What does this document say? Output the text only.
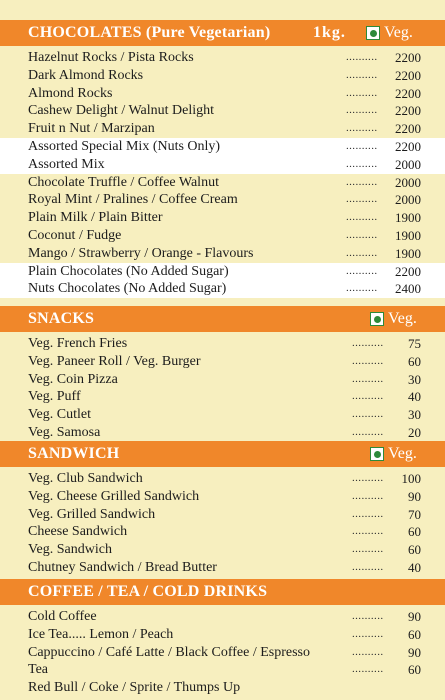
CHOCOLATES (Pure Vegetarian)	1kg. Veg.
Hazelnut Rocks / Pista Rocks	.......... 2200
Dark Almond Rocks	.......... 2200
Almond Rocks	.......... 2200
Cashew Delight / Walnut Delight	.......... 2200
Fruit n Nut / Marzipan	.......... 2200
Assorted Special Mix (Nuts Only)	.......... 2200
Assorted Mix	.......... 2000
Chocolate Truffle / Coffee Walnut	.......... 2000
Royal Mint / Pralines / Coffee Cream	.......... 2000
Plain Milk / Plain Bitter	.......... 1900
Coconut / Fudge	.......... 1900
Mango / Strawberry / Orange - Flavours	.......... 1900
Plain Chocolates (No Added Sugar)	.......... 2200
Nuts Chocolates (No Added Sugar)	.......... 2400
SNACKS	Veg.
Veg. French Fries	.......... 75
Veg. Paneer Roll / Veg. Burger	.......... 60
Veg. Coin Pizza	.......... 30
Veg. Puff	.......... 40
Veg. Cutlet	.......... 30
Veg. Samosa	.......... 20
SANDWICH	Veg.
Veg. Club Sandwich	.......... 100
Veg. Cheese Grilled Sandwich	.......... 90
Veg. Grilled Sandwich	.......... 70
Cheese Sandwich	.......... 60
Veg. Sandwich	.......... 60
Chutney Sandwich / Bread Butter	.......... 40
COFFEE / TEA / COLD DRINKS
Cold Coffee	.......... 90
Ice Tea..... Lemon / Peach	.......... 60
Cappuccino / Café Latte / Black Coffee / Espresso	.......... 90
Tea	.......... 60
Red Bull / Coke / Sprite / Thumps Up
